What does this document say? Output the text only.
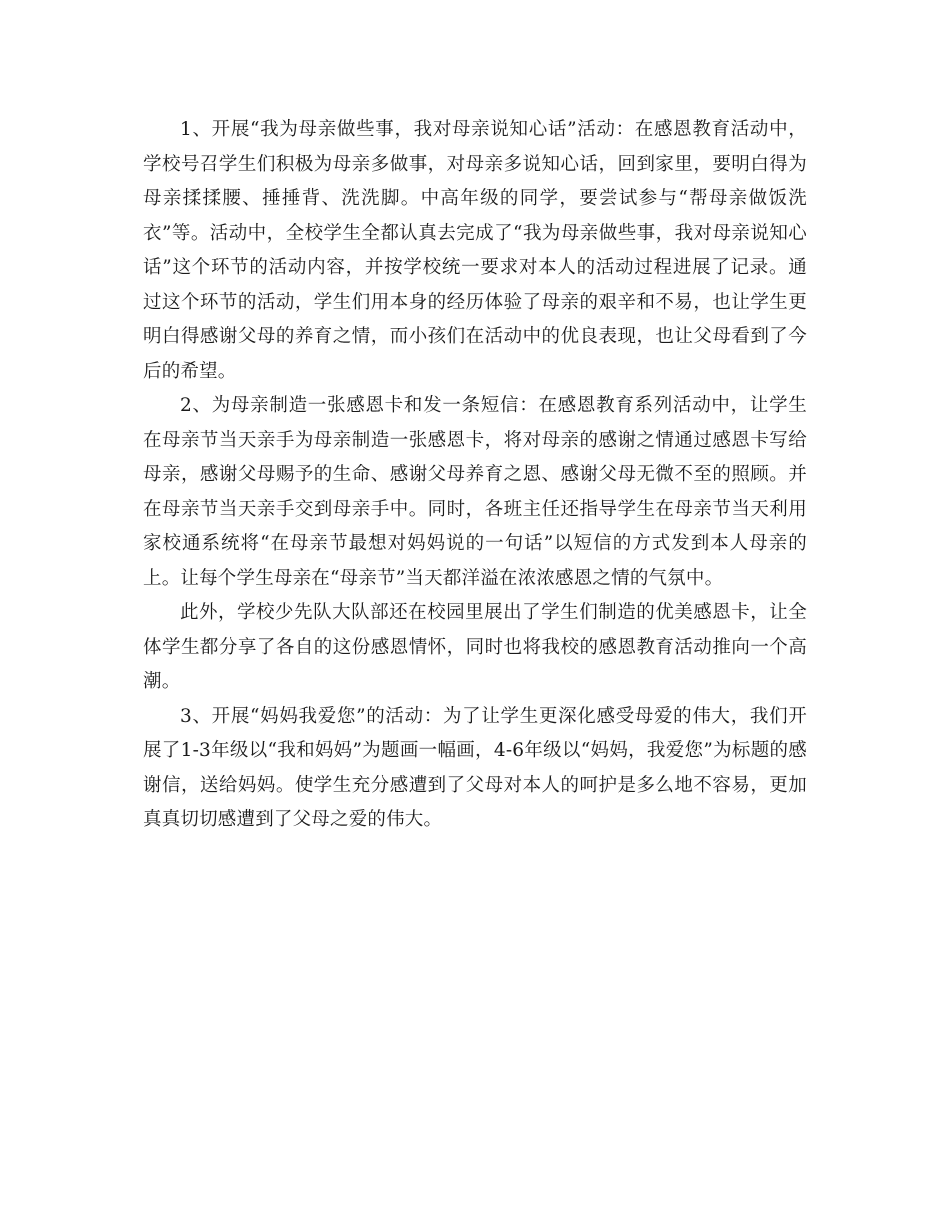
1、开展“我为母亲做些事，我对母亲说知心话”活动：在感恩教育活动中，学校号召学生们积极为母亲多做事，对母亲多说知心话，回到家里，要明白得为母亲揉揉腰、捶捶背、洗洗脚。中高年级的同学，要尝试参与“帮母亲做饭洗衣”等。活动中，全校学生全都认真去完成了“我为母亲做些事，我对母亲说知心话”这个环节的活动内容，并按学校统一要求对本人的活动过程进展了记录。通过这个环节的活动，学生们用本身的经历体验了母亲的艰辛和不易，也让学生更明白得感谢父母的养育之情，而小孩们在活动中的优良表现，也让父母看到了今后的希望。

2、为母亲制造一张感恩卡和发一条短信：在感恩教育系列活动中，让学生在母亲节当天亲手为母亲制造一张感恩卡，将对母亲的感谢之情通过感恩卡写给母亲，感谢父母赐予的生命、感谢父母养育之恩、感谢父母无微不至的照顾。并在母亲节当天亲手交到母亲手中。同时，各班主任还指导学生在母亲节当天利用家校通系统将“在母亲节最想对妈妈说的一句话”以短信的方式发到本人母亲的上。让每个学生母亲在“母亲节”当天都洋溢在浓浓感恩之情的气氛中。

此外，学校少先队大队部还在校园里展出了学生们制造的优美感恩卡，让全体学生都分享了各自的这份感恩情怀，同时也将我校的感恩教育活动推向一个高潮。

3、开展“妈妈我爱您”的活动：为了让学生更深化感受母爱的伟大，我们开展了1-3年级以“我和妈妈”为题画一幅画，4-6年级以“妈妈，我爱您”为标题的感谢信，送给妈妈。使学生充分感遭到了父母对本人的呵护是多么地不容易，更加真真切切感遭到了父母之爱的伟大。
